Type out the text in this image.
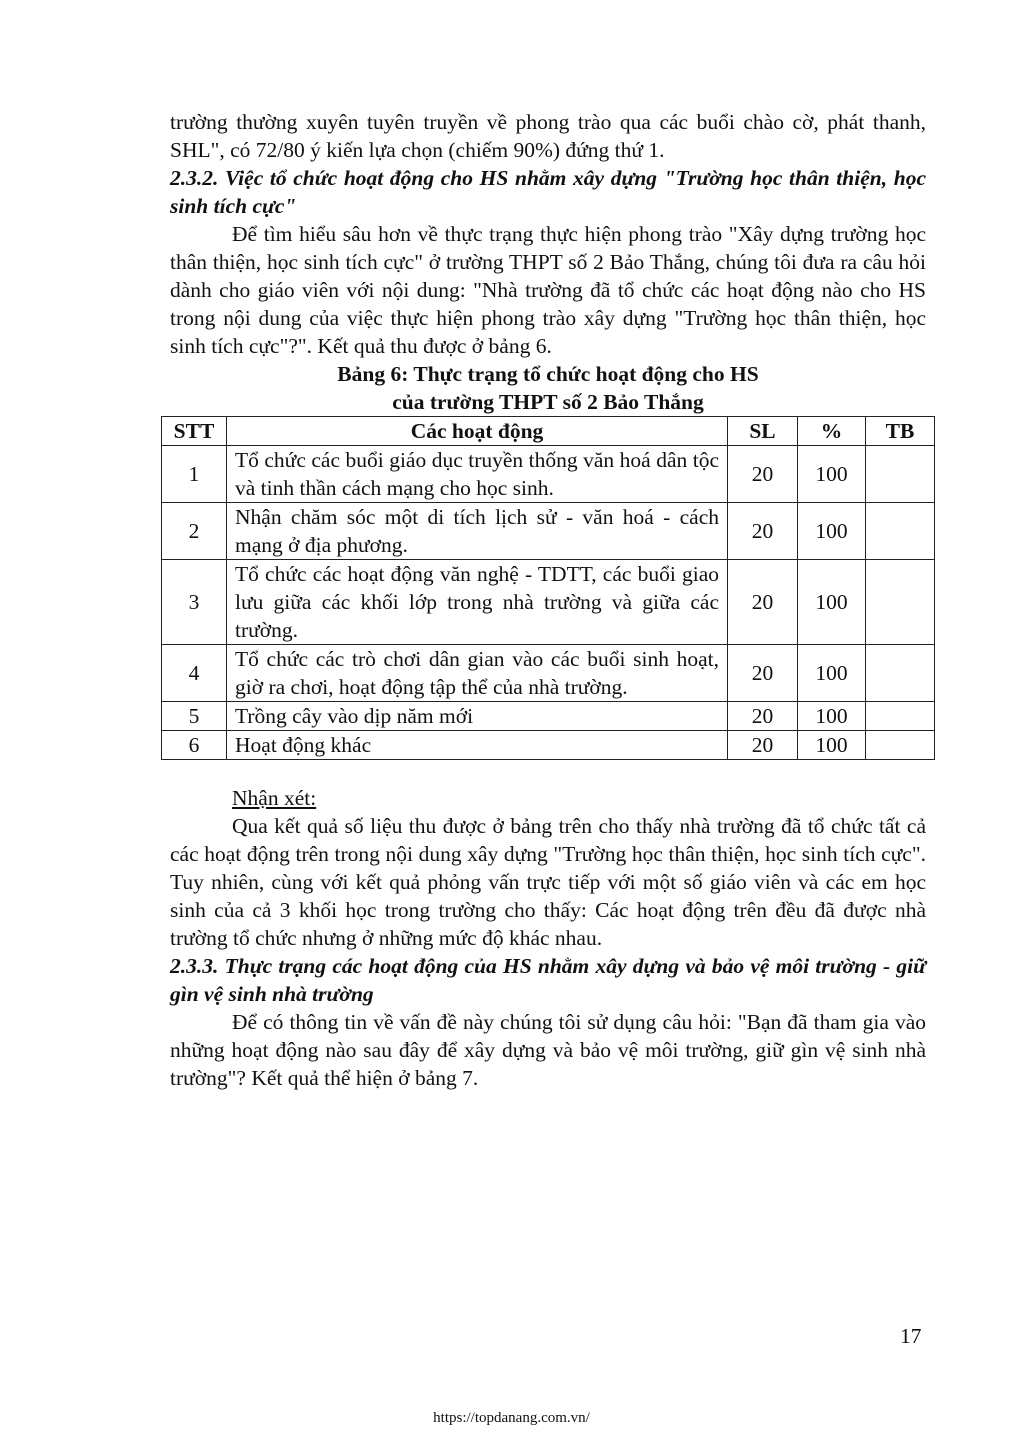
trường thường xuyên tuyên truyền về phong trào qua các buổi chào cờ, phát thanh, SHL", có 72/80 ý kiến lựa chọn (chiếm 90%) đứng thứ 1.

2.3.2. Việc tổ chức hoạt động cho HS nhằm xây dựng "Trường học thân thiện, học sinh tích cực"

Để tìm hiểu sâu hơn về thực trạng thực hiện phong trào "Xây dựng trường học thân thiện, học sinh tích cực" ở trường THPT số 2 Bảo Thắng, chúng tôi đưa ra câu hỏi dành cho giáo viên với nội dung: "Nhà trường đã tổ chức các hoạt động nào cho HS trong nội dung của việc thực hiện phong trào xây dựng "Trường học thân thiện, học sinh tích cực"?". Kết quả thu được ở bảng 6.

Bảng 6: Thực trạng tổ chức hoạt động cho HS
của trường THPT số 2 Bảo Thắng
STT	Các hoạt động	SL	%	TB
1	Tổ chức các buổi giáo dục truyền thống văn hoá dân tộc và tinh thần cách mạng cho học sinh.	20	100	
2	Nhận chăm sóc một di tích lịch sử - văn hoá - cách mạng ở địa phương.	20	100	
3	Tổ chức các hoạt động văn nghệ - TDTT, các buổi giao lưu giữa các khối lớp trong nhà trường và giữa các trường.	20	100	
4	Tổ chức các trò chơi dân gian vào các buổi sinh hoạt, giờ ra chơi, hoạt động tập thể của nhà trường.	20	100	
5	Trồng cây vào dịp năm mới	20	100	
6	Hoạt động khác	20	100	

Nhận xét:

Qua kết quả số liệu thu được ở bảng trên cho thấy nhà trường đã tổ chức tất cả các hoạt động trên trong nội dung xây dựng "Trường học thân thiện, học sinh tích cực". Tuy nhiên, cùng với kết quả phỏng vấn trực tiếp với một số giáo viên và các em học sinh của cả 3 khối học trong trường cho thấy: Các hoạt động trên đều đã được nhà trường tổ chức nhưng ở những mức độ khác nhau.

2.3.3. Thực trạng các hoạt động của HS nhằm xây dựng và bảo vệ môi trường - giữ gìn vệ sinh nhà trường

Để có thông tin về vấn đề này chúng tôi sử dụng câu hỏi: "Bạn đã tham gia vào những hoạt động nào sau đây để xây dựng và bảo vệ môi trường, giữ gìn vệ sinh nhà trường"? Kết quả thể hiện ở bảng 7.

17
https://topdanang.com.vn/
